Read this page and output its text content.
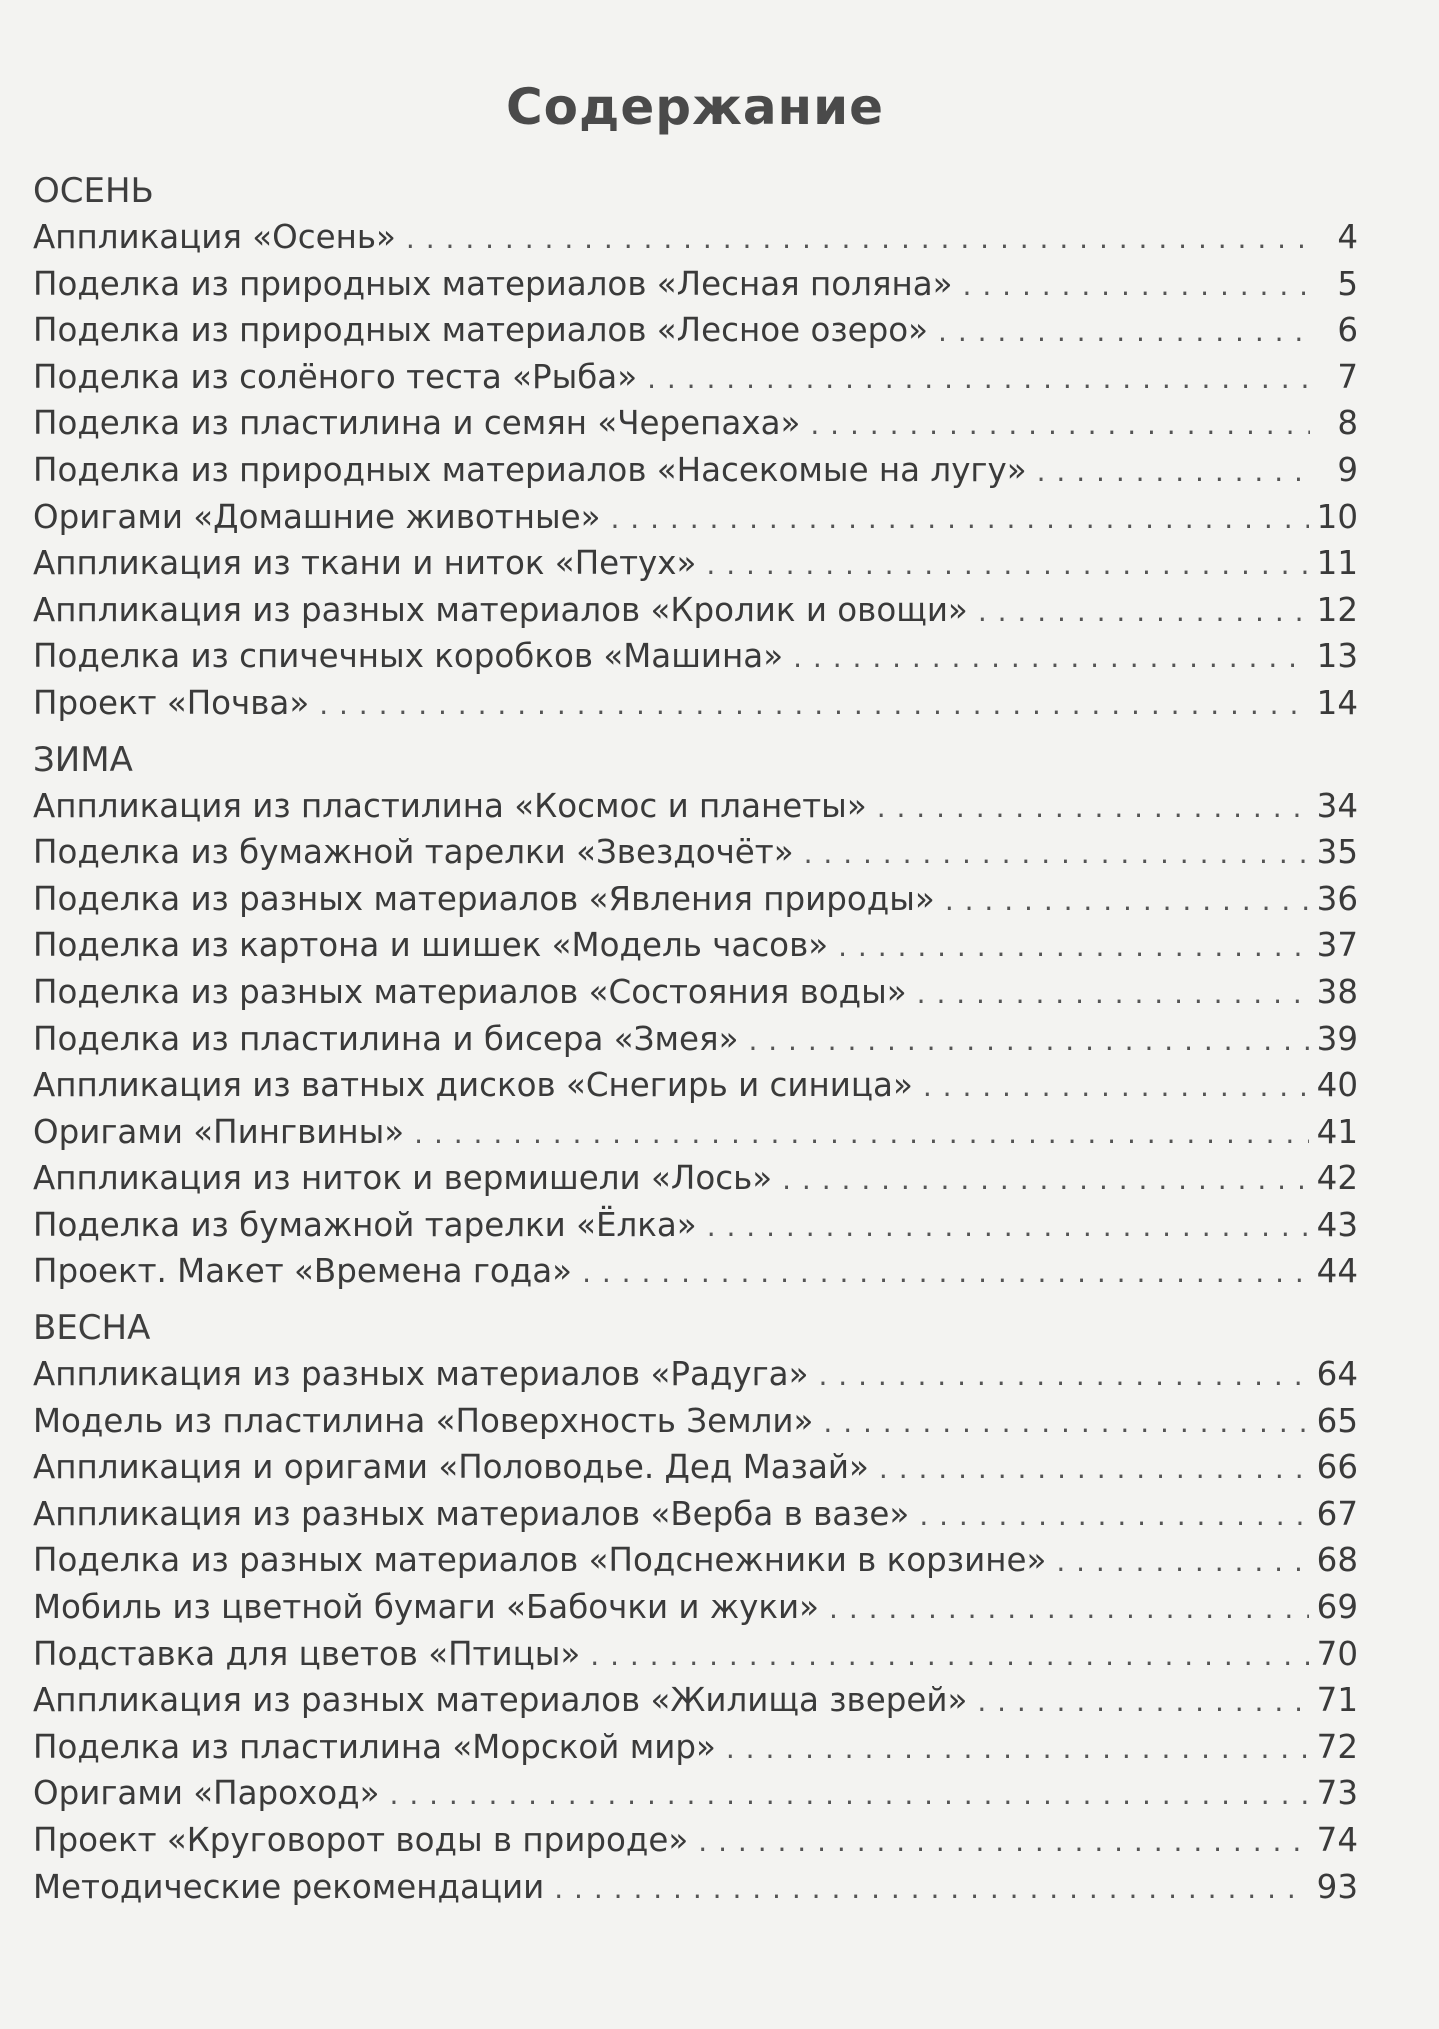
Содержание
ОСЕНЬ
Аппликация «Осень» . . .	4
Поделка из природных материалов «Лесная поляна» . . .	5
Поделка из природных материалов «Лесное озеро» . . .	6
Поделка из солёного теста «Рыба» . . .	7
Поделка из пластилина и семян «Черепаха» . . .	8
Поделка из природных материалов «Насекомые на лугу» . . .	9
Оригами «Домашние животные» . . .	10
Аппликация из ткани и ниток «Петух» . . .	11
Аппликация из разных материалов «Кролик и овощи» . . .	12
Поделка из спичечных коробков «Машина» . . .	13
Проект «Почва» . . .	14
ЗИМА
Аппликация из пластилина «Космос и планеты» . . .	34
Поделка из бумажной тарелки «Звездочёт» . . .	35
Поделка из разных материалов «Явления природы» . . .	36
Поделка из картона и шишек «Модель часов» . . .	37
Поделка из разных материалов «Состояния воды» . . .	38
Поделка из пластилина и бисера «Змея» . . .	39
Аппликация из ватных дисков «Снегирь и синица» . . .	40
Оригами «Пингвины» . . .	41
Аппликация из ниток и вермишели «Лось» . . .	42
Поделка из бумажной тарелки «Ёлка» . . .	43
Проект. Макет «Времена года» . . .	44
ВЕСНА
Аппликация из разных материалов «Радуга» . . .	64
Модель из пластилина «Поверхность Земли» . . .	65
Аппликация и оригами «Половодье. Дед Мазай» . . .	66
Аппликация из разных материалов «Верба в вазе» . . .	67
Поделка из разных материалов «Подснежники в корзине» . . .	68
Мобиль из цветной бумаги «Бабочки и жуки» . . .	69
Подставка для цветов «Птицы» . . .	70
Аппликация из разных материалов «Жилища зверей» . . .	71
Поделка из пластилина «Морской мир» . . .	72
Оригами «Пароход» . . .	73
Проект «Круговорот воды в природе» . . .	74
Методические рекомендации . . .	93
